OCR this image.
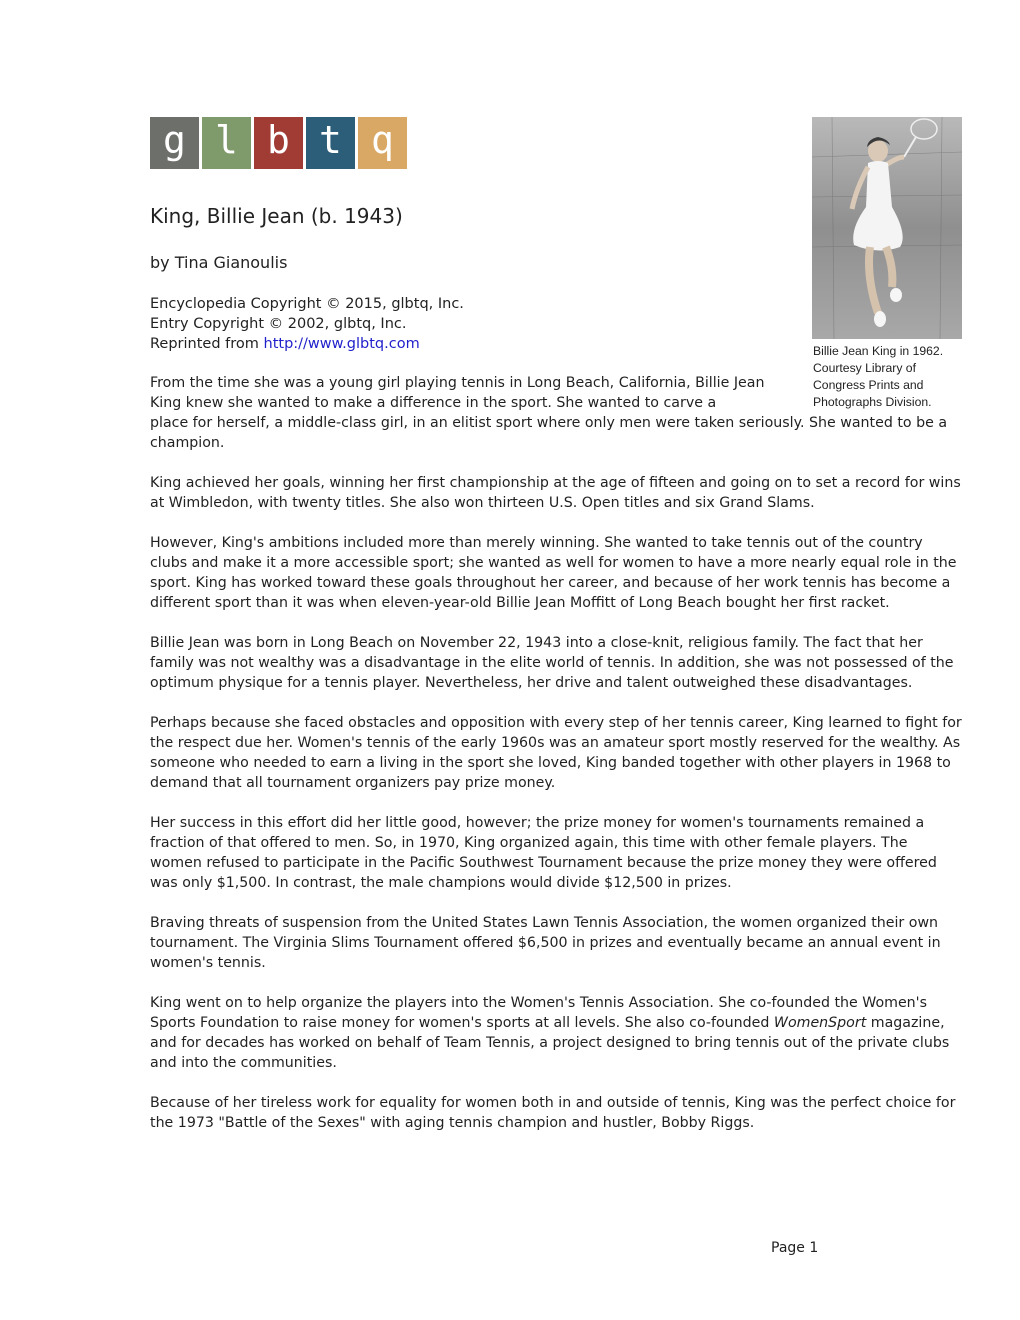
g l b t q
King, Billie Jean (b. 1943)
by Tina Gianoulis
Encyclopedia Copyright © 2015, glbtq, Inc.
Entry Copyright © 2002, glbtq, Inc.
Reprinted from http://www.glbtq.com	Billie Jean King in 1962. Courtesy Library of Congress Prints and Photographs Division.

From the time she was a young girl playing tennis in Long Beach, California, Billie Jean King knew she wanted to make a difference in the sport. She wanted to carve a

place for herself, a middle-class girl, in an elitist sport where only men were taken seriously. She wanted to be a champion.

King achieved her goals, winning her first championship at the age of fifteen and going on to set a record for wins at Wimbledon, with twenty titles. She also won thirteen U.S. Open titles and six Grand Slams.

However, King's ambitions included more than merely winning. She wanted to take tennis out of the country clubs and make it a more accessible sport; she wanted as well for women to have a more nearly equal role in the sport. King has worked toward these goals throughout her career, and because of her work tennis has become a different sport than it was when eleven-year-old Billie Jean Moffitt of Long Beach bought her first racket.

Billie Jean was born in Long Beach on November 22, 1943 into a close-knit, religious family. The fact that her family was not wealthy was a disadvantage in the elite world of tennis. In addition, she was not possessed of the optimum physique for a tennis player. Nevertheless, her drive and talent outweighed these disadvantages.

Perhaps because she faced obstacles and opposition with every step of her tennis career, King learned to fight for the respect due her. Women's tennis of the early 1960s was an amateur sport mostly reserved for the wealthy. As someone who needed to earn a living in the sport she loved, King banded together with other players in 1968 to demand that all tournament organizers pay prize money.

Her success in this effort did her little good, however; the prize money for women's tournaments remained a fraction of that offered to men. So, in 1970, King organized again, this time with other female players. The women refused to participate in the Pacific Southwest Tournament because the prize money they were offered was only $1,500. In contrast, the male champions would divide $12,500 in prizes.

Braving threats of suspension from the United States Lawn Tennis Association, the women organized their own tournament. The Virginia Slims Tournament offered $6,500 in prizes and eventually became an annual event in women's tennis.

King went on to help organize the players into the Women's Tennis Association. She co-founded the Women's Sports Foundation to raise money for women's sports at all levels. She also co-founded WomenSport magazine, and for decades has worked on behalf of Team Tennis, a project designed to bring tennis out of the private clubs and into the communities.

Because of her tireless work for equality for women both in and outside of tennis, King was the perfect choice for the 1973 "Battle of the Sexes" with aging tennis champion and hustler, Bobby Riggs.

Page 1
